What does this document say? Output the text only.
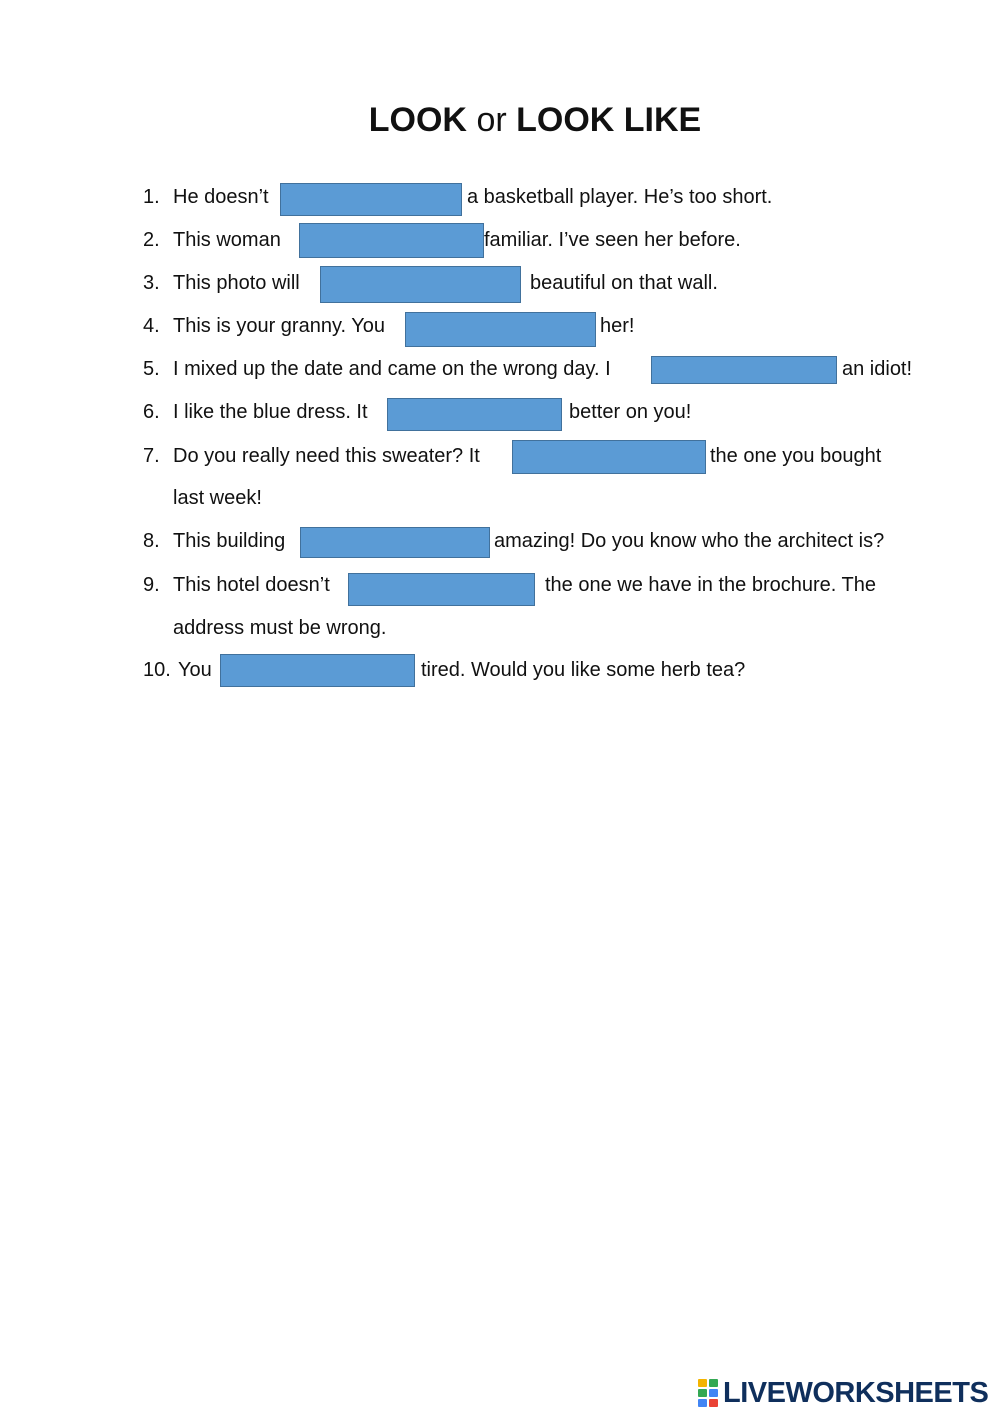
LOOK or LOOK LIKE
1. He doesn’t	a basketball player. He’s too short.
2. This woman	familiar. I’ve seen her before.
3. This photo will	beautiful on that wall.
4. This is your granny. You	her!
5. I mixed up the date and came on the wrong day. I	an idiot!
6. I like the blue dress. It	better on you!
7. Do you really need this sweater? It	the one you bought
last week!
8. This building	amazing! Do you know who the architect is?
9. This hotel doesn’t	the one we have in the brochure. The
address must be wrong.
10. You	tired. Would you like some herb tea?
LIVEWORKSHEETS
